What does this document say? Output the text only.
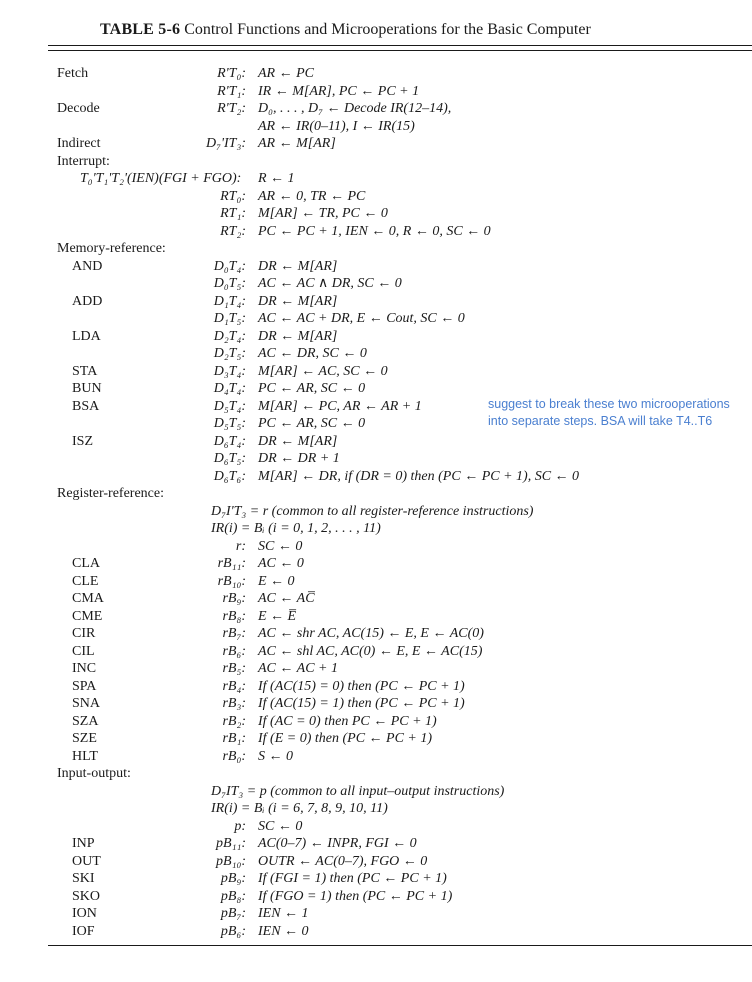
TABLE 5-6 Control Functions and Microoperations for the Basic Computer
Fetch	R'T₀: AR ← PC
R'T₁: IR ← M[AR], PC ← PC + 1
Decode	R'T₂: D₀, . . . , D₇ ← Decode IR(12–14),
AR ← IR(0–11), I ← IR(15)
Indirect	D₇'IT₃: AR ← M[AR]
Interrupt:
T₀'T₁'T₂'(IEN)(FGI + FGO): R ← 1
RT₀: AR ← 0, TR ← PC
RT₁: M[AR] ← TR, PC ← 0
RT₂: PC ← PC + 1, IEN ← 0, R ← 0, SC ← 0
Memory-reference:
AND	D₀T₄: DR ← M[AR]
D₀T₅: AC ← AC ∧ DR, SC ← 0
ADD	D₁T₄: DR ← M[AR]
D₁T₅: AC ← AC + DR, E ← Cout, SC ← 0
LDA	D₂T₄: DR ← M[AR]
D₂T₅: AC ← DR, SC ← 0
STA	D₃T₄: M[AR] ← AC, SC ← 0
BUN	D₄T₄: PC ← AR, SC ← 0
BSA	D₅T₄: M[AR] ← PC, AR ← AR + 1
D₅T₅: PC ← AR, SC ← 0
ISZ	D₆T₄: DR ← M[AR]
D₆T₅: DR ← DR + 1
D₆T₆: M[AR] ← DR, if (DR = 0) then (PC ← PC + 1), SC ← 0
Register-reference:
D₇I'T₃ = r (common to all register-reference instructions)
IR(i) = Bᵢ (i = 0, 1, 2, . . . , 11)
r: SC ← 0
CLA	rB₁₁: AC ← 0
CLE	rB₁₀: E ← 0
CMA	rB₉: AC ← AC̅
CME	rB₈: E ← E̅
CIR	rB₇: AC ← shr AC, AC(15) ← E, E ← AC(0)
CIL	rB₆: AC ← shl AC, AC(0) ← E, E ← AC(15)
INC	rB₅: AC ← AC + 1
SPA	rB₄: If (AC(15) = 0) then (PC ← PC + 1)
SNA	rB₃: If (AC(15) = 1) then (PC ← PC + 1)
SZA	rB₂: If (AC = 0) then PC ← PC + 1)
SZE	rB₁: If (E = 0) then (PC ← PC + 1)
HLT	rB₀: S ← 0
Input-output:
D₇IT₃ = p (common to all input–output instructions)
IR(i) = Bᵢ (i = 6, 7, 8, 9, 10, 11)
p: SC ← 0
INP	pB₁₁: AC(0–7) ← INPR, FGI ← 0
OUT	pB₁₀: OUTR ← AC(0–7), FGO ← 0
SKI	pB₉: If (FGI = 1) then (PC ← PC + 1)
SKO	pB₈: If (FGO = 1) then (PC ← PC + 1)
ION	pB₇: IEN ← 1
IOF	pB₆: IEN ← 0
suggest to break these two microoperations
into separate steps. BSA will take T4..T6
